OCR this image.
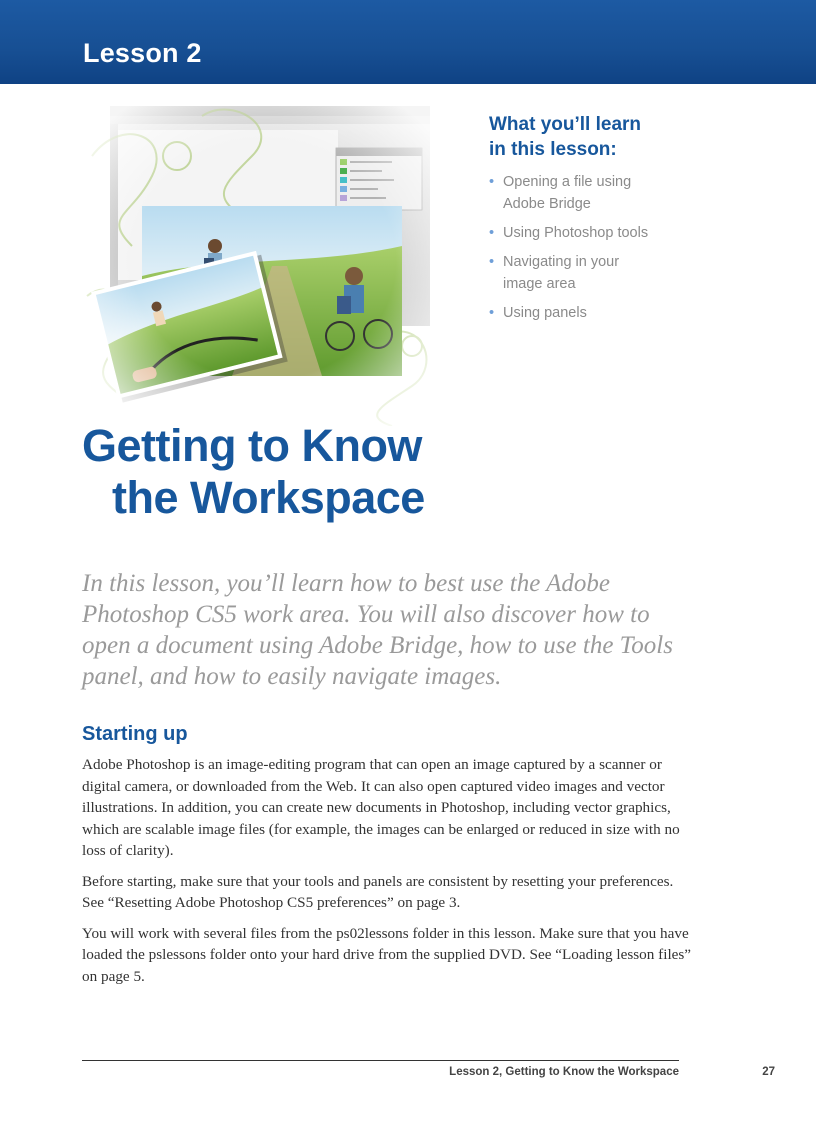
Lesson 2
What you’ll learn
in this lesson:
• Opening a file using
Adobe Bridge
• Using Photoshop tools
• Navigating in your
image area
• Using panels
Getting to Know
the Workspace
In this lesson, you’ll learn how to best use the Adobe Photoshop CS5 work area. You will also discover how to open a document using Adobe Bridge, how to use the Tools panel, and how to easily navigate images.
Starting up

Adobe Photoshop is an image-editing program that can open an image captured by a scanner or digital camera, or downloaded from the Web. It can also open captured video images and vector illustrations. In addition, you can create new documents in Photoshop, including vector graphics, which are scalable image files (for example, the images can be enlarged or reduced in size with no loss of clarity).

Before starting, make sure that your tools and panels are consistent by resetting your preferences. See “Resetting Adobe Photoshop CS5 preferences” on page 3.

You will work with several files from the ps02lessons folder in this lesson. Make sure that you have loaded the pslessons folder onto your hard drive from the supplied DVD. See “Loading lesson files” on page 5.

Lesson 2, Getting to Know the Workspace	27
